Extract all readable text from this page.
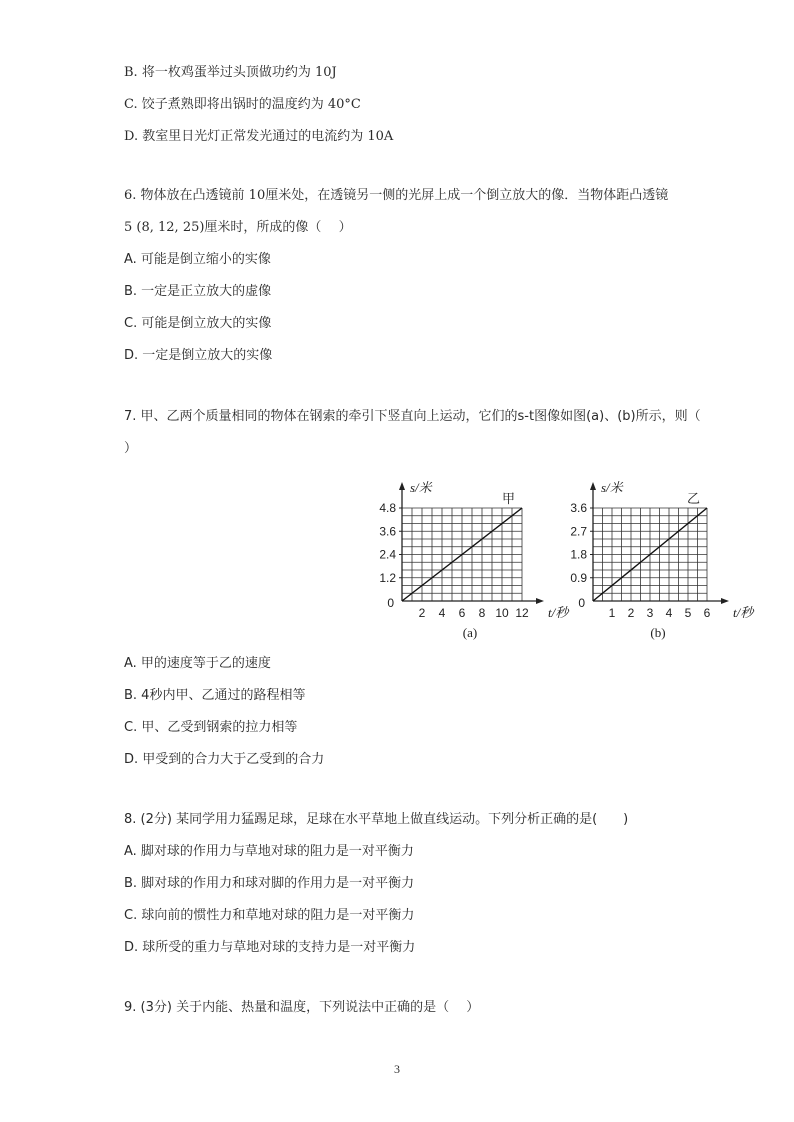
B. 将一枚鸡蛋举过头顶做功约为 10J
C. 饺子煮熟即将出锅时的温度约为 40°C
D. 教室里日光灯正常发光通过的电流约为 10A
6. 物体放在凸透镜前 10厘米处，在透镜另一侧的光屏上成一个倒立放大的像．当物体距凸透镜
5 (8, 12, 25)厘米时，所成的像（　 ）
A. 可能是倒立缩小的实像
B. 一定是正立放大的虚像
C. 可能是倒立放大的实像
D. 一定是倒立放大的实像
7. 甲、乙两个质量相同的物体在钢索的牵引下竖直向上运动，它们的s-t图像如图(a)、(b)所示，则（
）
甲
1.2
2.4
3.6
4.8
2 4 6 8 10 12
0
s/米
t/秒
(a)
乙
0.9
1.8
2.7
3.6
1 2 3 4 5 6
0
s/米
t/秒
(b)
A. 甲的速度等于乙的速度
B. 4秒内甲、乙通过的路程相等
C. 甲、乙受到钢索的拉力相等
D. 甲受到的合力大于乙受到的合力
8. (2分) 某同学用力猛踢足球，足球在水平草地上做直线运动。下列分析正确的是(　　)
A. 脚对球的作用力与草地对球的阻力是一对平衡力
B. 脚对球的作用力和球对脚的作用力是一对平衡力
C. 球向前的惯性力和草地对球的阻力是一对平衡力
D. 球所受的重力与草地对球的支持力是一对平衡力
9. (3分) 关于内能、热量和温度，下列说法中正确的是（　 ）
3
